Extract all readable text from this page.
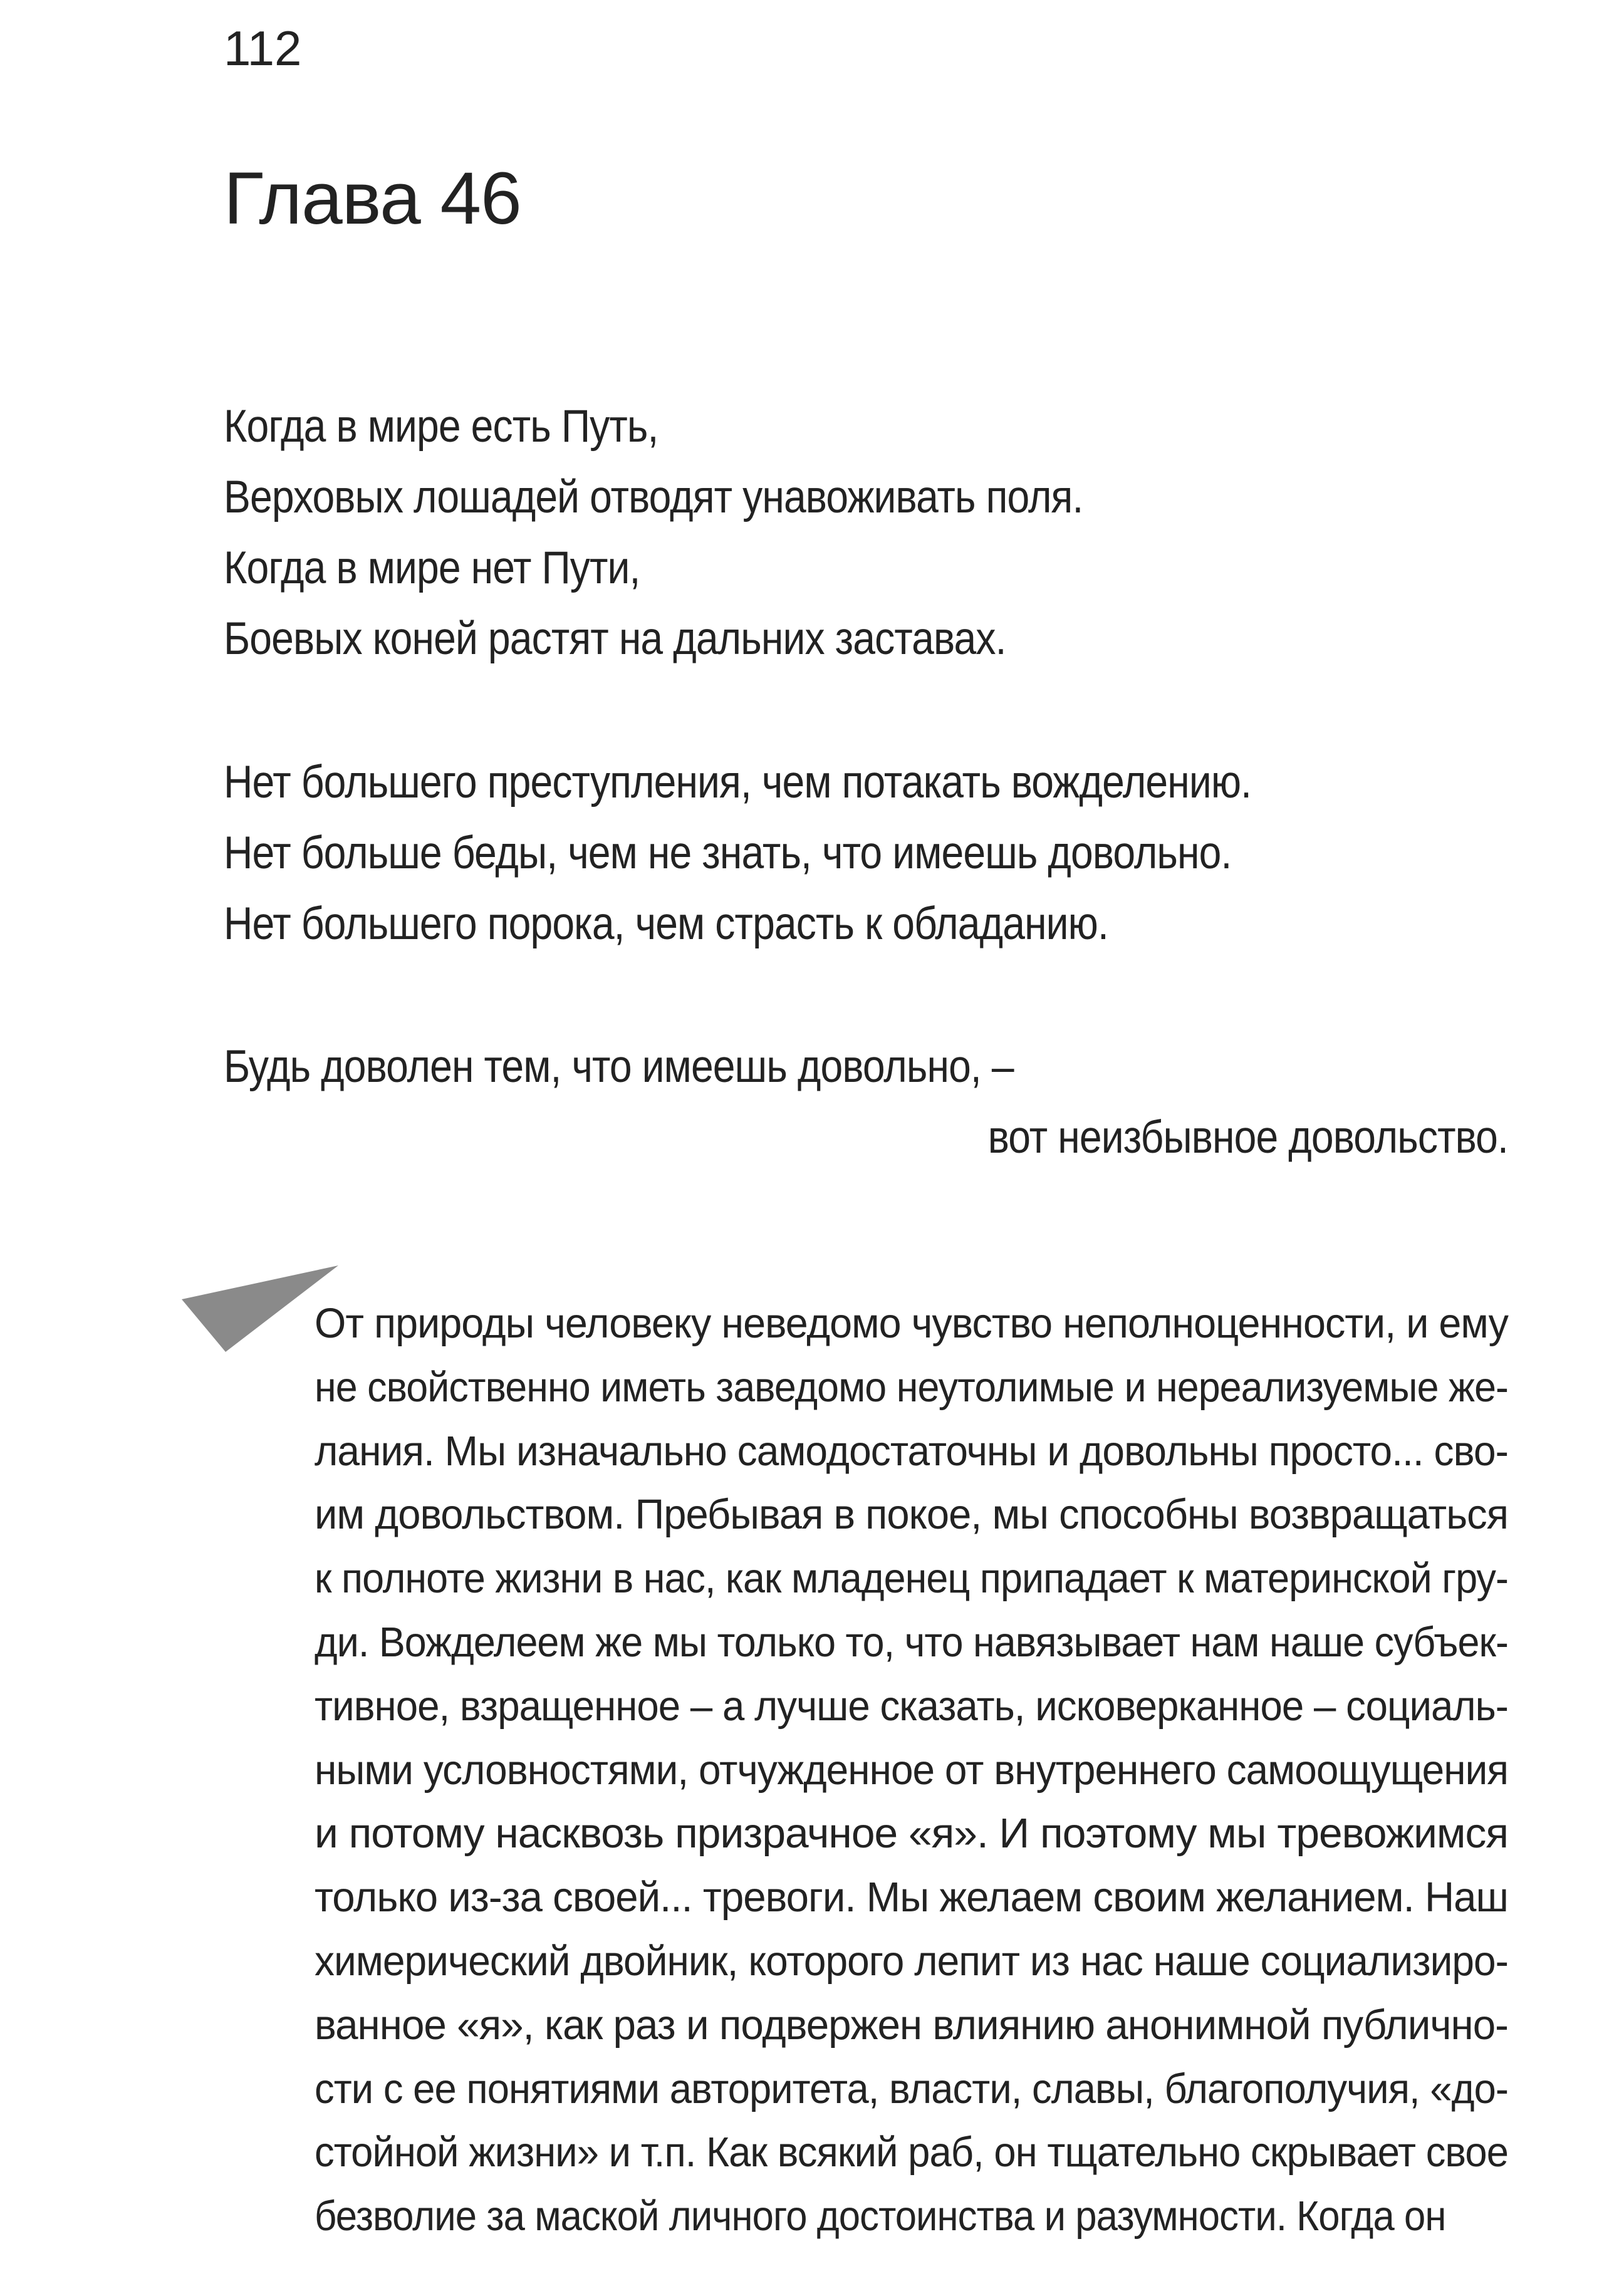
112
Глава 46
Когда в мире есть Путь,
Верховых лошадей отводят унавоживать поля.
Когда в мире нет Пути,
Боевых коней растят на дальних заставах.
Нет большего преступления, чем потакать вожделению.
Нет больше беды, чем не знать, что имеешь довольно.
Нет большего порока, чем страсть к обладанию.
Будь доволен тем, что имеешь довольно, –
вот неизбывное довольство.
От природы человеку неведомо чувство неполноценности, и ему
не свойственно иметь заведомо неутолимые и нереализуемые же-
лания. Мы изначально самодостаточны и довольны просто... сво-
им довольством. Пребывая в покое, мы способны возвращаться
к полноте жизни в нас, как младенец припадает к материнской гру-
ди. Вожделеем же мы только то, что навязывает нам наше субъек-
тивное, взращенное – а лучше сказать, исковерканное – социаль-
ными условностями, отчужденное от внутреннего самоощущения
и потому насквозь призрачное «я». И поэтому мы тревожимся
только из-за своей... тревоги. Мы желаем своим желанием. Наш
химерический двойник, которого лепит из нас наше социализиро-
ванное «я», как раз и подвержен влиянию анонимной публично-
сти с ее понятиями авторитета, власти, славы, благополучия, «до-
стойной жизни» и т.п. Как всякий раб, он тщательно скрывает свое
безволие за маской личного достоинства и разумности. Когда он
